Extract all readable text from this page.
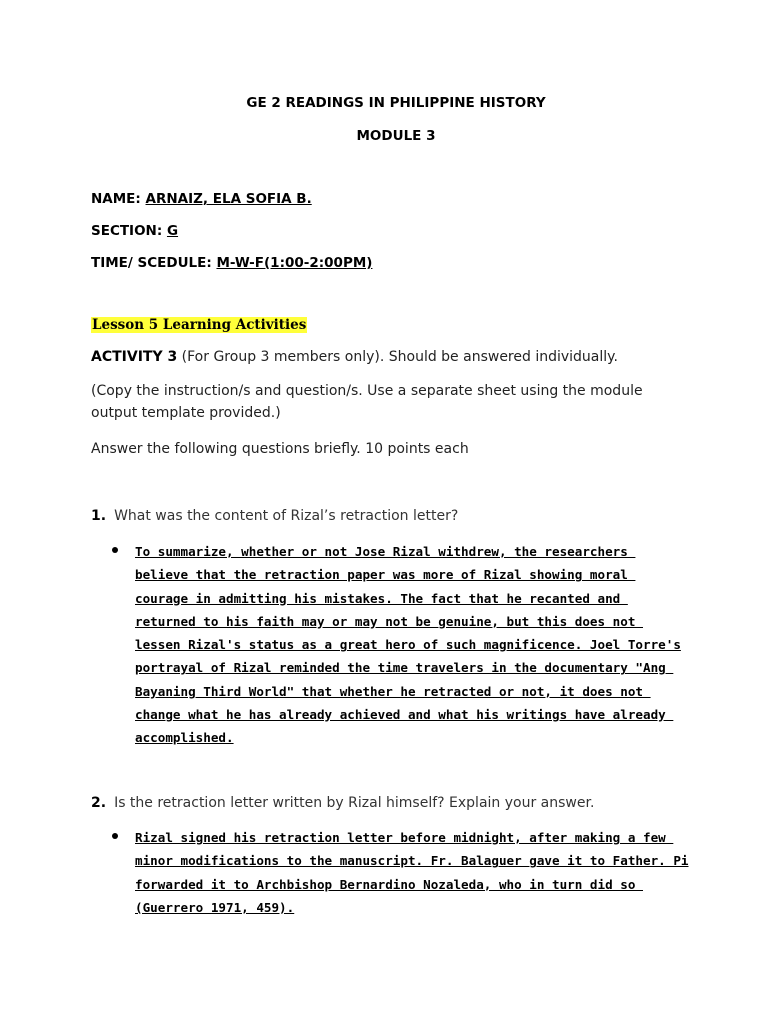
GE 2 READINGS IN PHILIPPINE HISTORY
MODULE 3
NAME: ARNAIZ, ELA SOFIA B.
SECTION: G
TIME/ SCEDULE: M-W-F(1:00-2:00PM)
Lesson 5 Learning Activities
ACTIVITY 3 (For Group 3 members only). Should be answered individually.
(Copy the instruction/s and question/s. Use a separate sheet using the module output template provided.)
Answer the following questions briefly. 10 points each
1. What was the content of Rizal’s retraction letter?
To summarize, whether or not Jose Rizal withdrew, the researchers
believe that the retraction paper was more of Rizal showing moral
courage in admitting his mistakes. The fact that he recanted and
returned to his faith may or may not be genuine, but this does not
lessen Rizal's status as a great hero of such magnificence. Joel Torre's
portrayal of Rizal reminded the time travelers in the documentary "Ang
Bayaning Third World" that whether he retracted or not, it does not
change what he has already achieved and what his writings have already
accomplished.
2. Is the retraction letter written by Rizal himself? Explain your answer.
Rizal signed his retraction letter before midnight, after making a few
minor modifications to the manuscript. Fr. Balaguer gave it to Father. Pi
forwarded it to Archbishop Bernardino Nozaleda, who in turn did so
(Guerrero 1971, 459).
